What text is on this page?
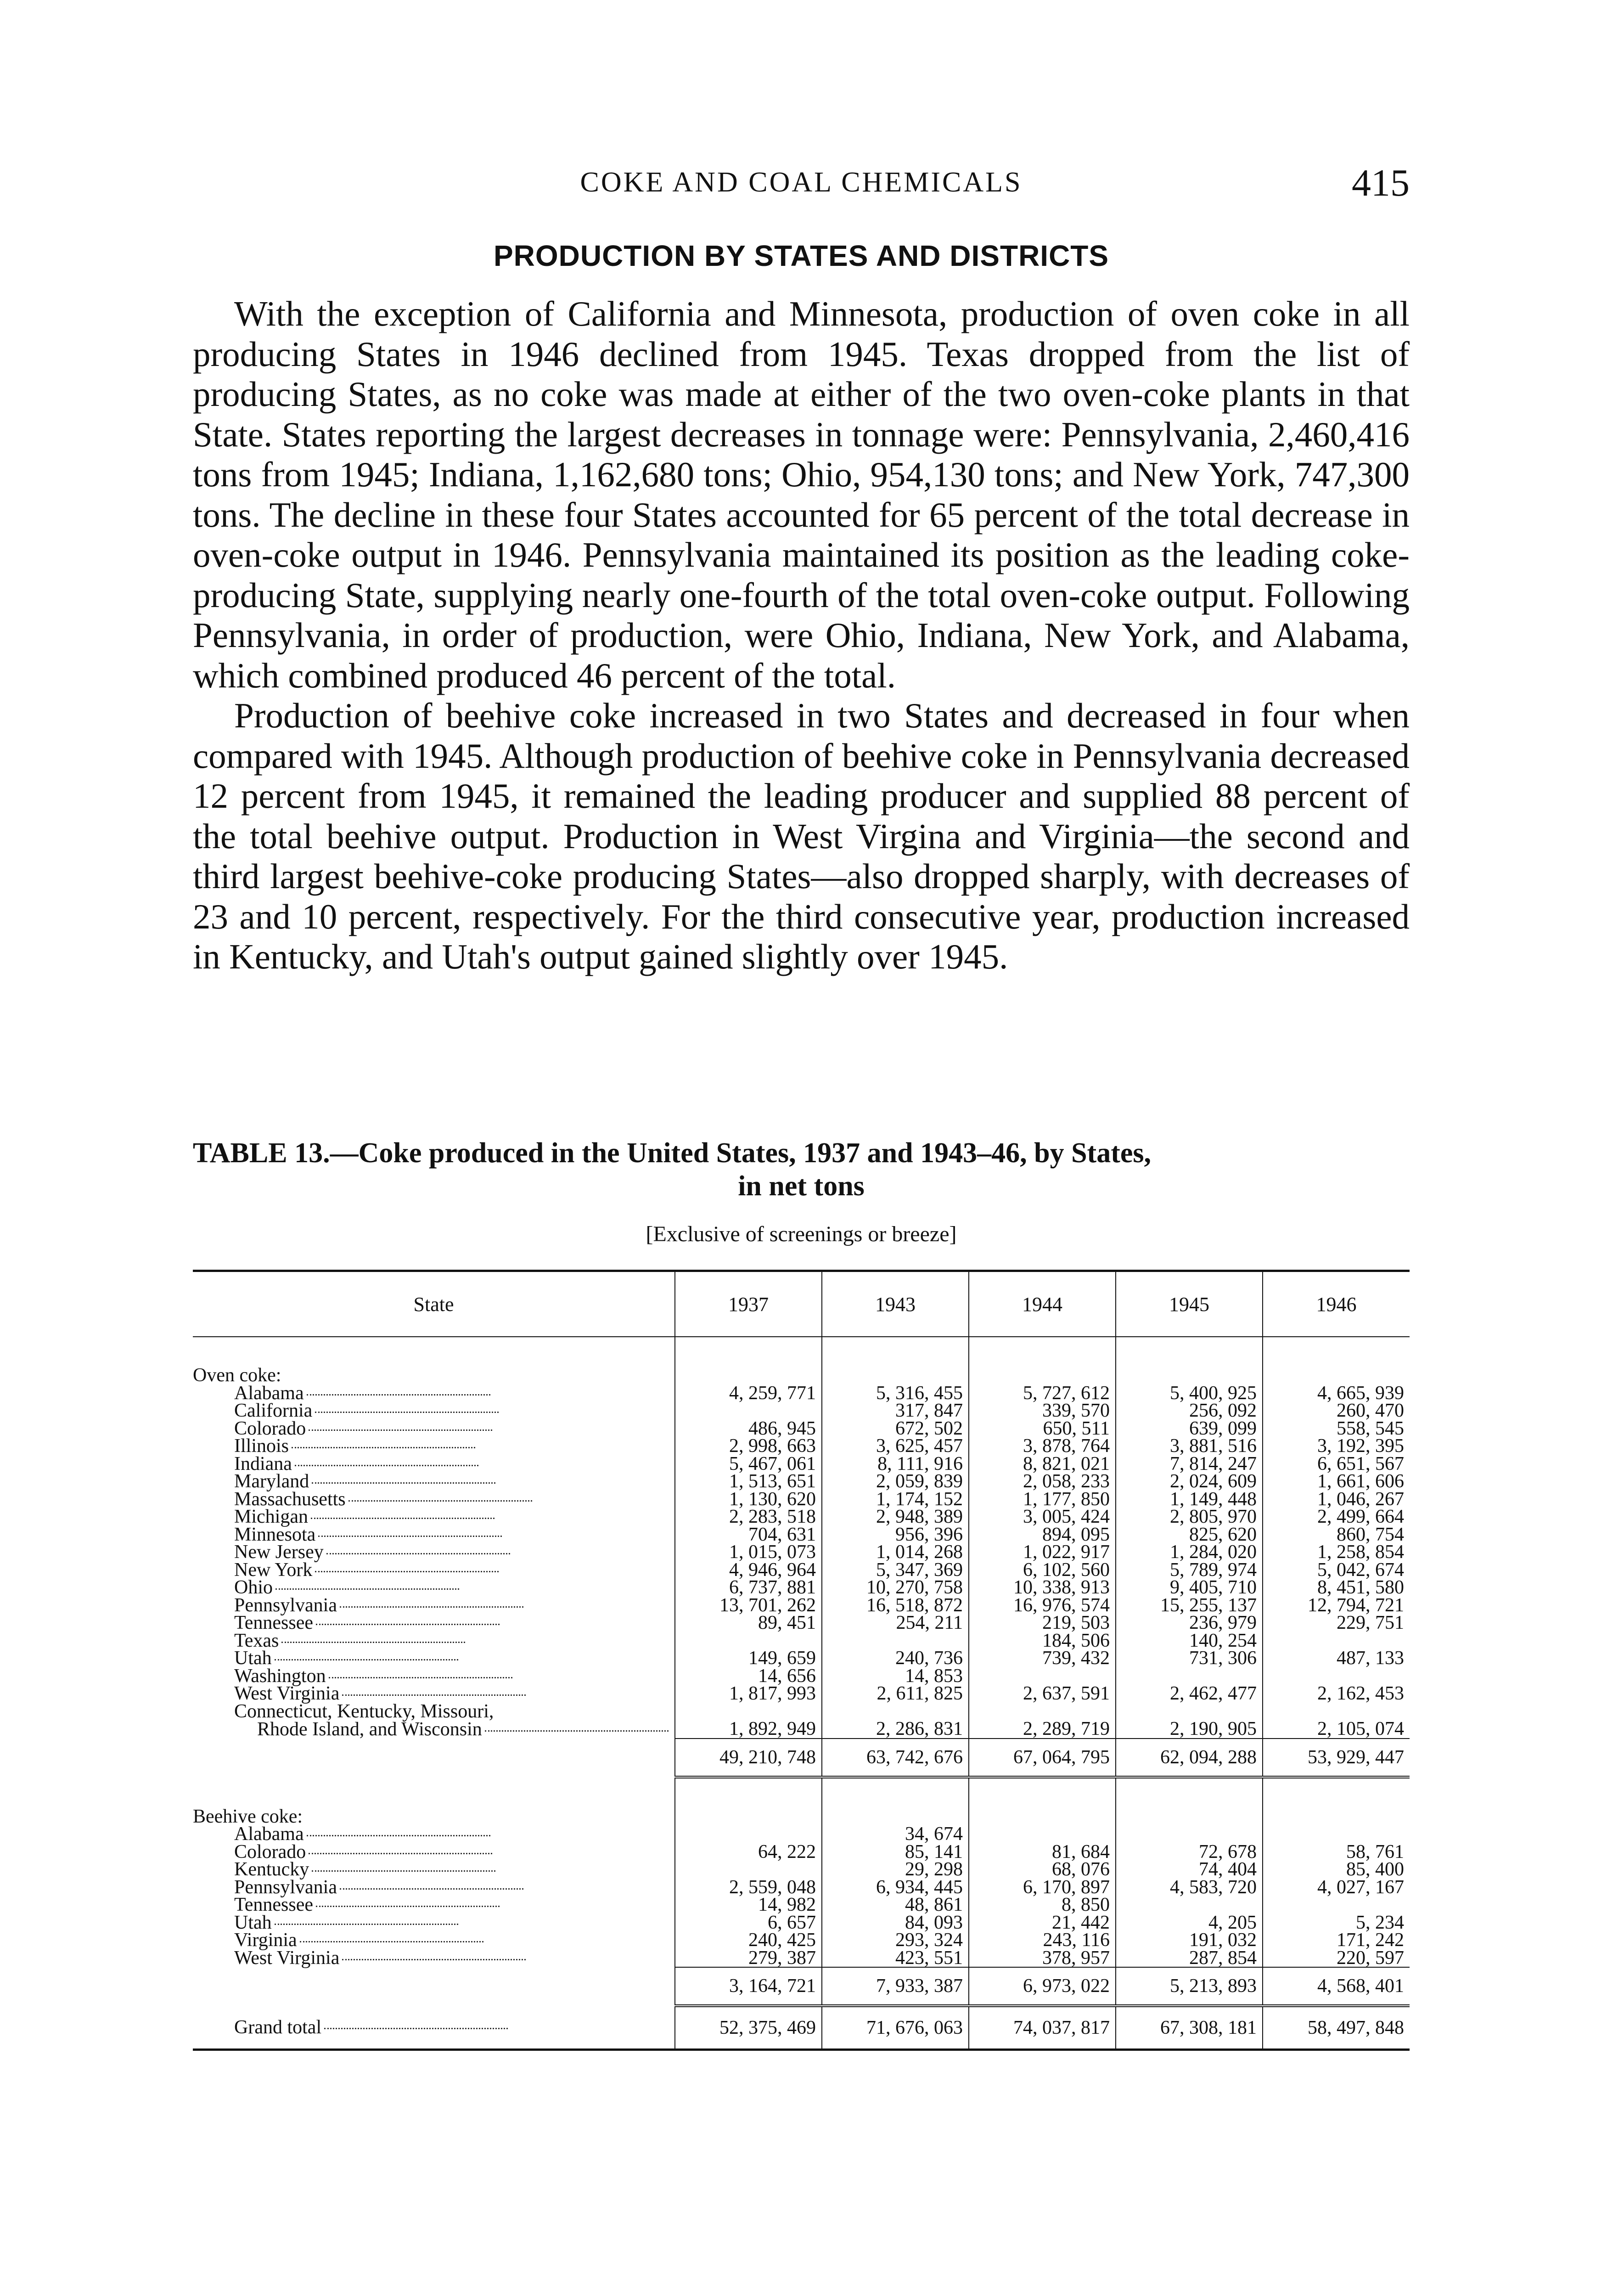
COKE AND COAL CHEMICALS	415
PRODUCTION BY STATES AND DISTRICTS

With the exception of California and Minnesota, production of oven coke in all producing States in 1946 declined from 1945. Texas dropped from the list of producing States, as no coke was made at either of the two oven-coke plants in that State. States reporting the largest decreases in tonnage were: Pennsylvania, 2,460,416 tons from 1945; Indiana, 1,162,680 tons; Ohio, 954,130 tons; and New York, 747,300 tons. The decline in these four States accounted for 65 percent of the total decrease in oven-coke output in 1946. Pennsylvania maintained its position as the leading coke-producing State, supplying nearly one-fourth of the total oven-coke output. Following Pennsylvania, in order of production, were Ohio, Indiana, New York, and Alabama, which combined produced 46 percent of the total.

Production of beehive coke increased in two States and decreased in four when compared with 1945. Although production of beehive coke in Pennsylvania decreased 12 percent from 1945, it remained the leading producer and supplied 88 percent of the total beehive output. Production in West Virgina and Virginia—the second and third largest beehive-coke producing States—also dropped sharply, with decreases of 23 and 10 percent, respectively. For the third consecutive year, production increased in Kentucky, and Utah's output gained slightly over 1945.

TABLE 13.—Coke produced in the United States, 1937 and 1943–46, by States,
in net tons
[Exclusive of screenings or breeze]
State	1937	1943	1944	1945	1946

Oven coke:					
Alabama	4, 259, 771	5, 316, 455	5, 727, 612	5, 400, 925	4, 665, 939
California		317, 847	339, 570	256, 092	260, 470
Colorado	486, 945	672, 502	650, 511	639, 099	558, 545
Illinois	2, 998, 663	3, 625, 457	3, 878, 764	3, 881, 516	3, 192, 395
Indiana	5, 467, 061	8, 111, 916	8, 821, 021	7, 814, 247	6, 651, 567
Maryland	1, 513, 651	2, 059, 839	2, 058, 233	2, 024, 609	1, 661, 606
Massachusetts	1, 130, 620	1, 174, 152	1, 177, 850	1, 149, 448	1, 046, 267
Michigan	2, 283, 518	2, 948, 389	3, 005, 424	2, 805, 970	2, 499, 664
Minnesota	704, 631	956, 396	894, 095	825, 620	860, 754
New Jersey	1, 015, 073	1, 014, 268	1, 022, 917	1, 284, 020	1, 258, 854
New York	4, 946, 964	5, 347, 369	6, 102, 560	5, 789, 974	5, 042, 674
Ohio	6, 737, 881	10, 270, 758	10, 338, 913	9, 405, 710	8, 451, 580
Pennsylvania	13, 701, 262	16, 518, 872	16, 976, 574	15, 255, 137	12, 794, 721
Tennessee	89, 451	254, 211	219, 503	236, 979	229, 751
Texas			184, 506	140, 254	
Utah	149, 659	240, 736	739, 432	731, 306	487, 133
Washington	14, 656	14, 853			
West Virginia	1, 817, 993	2, 611, 825	2, 637, 591	2, 462, 477	2, 162, 453
Connecticut, Kentucky, Missouri,					
Rhode Island, and Wisconsin	1, 892, 949	2, 286, 831	2, 289, 719	2, 190, 905	2, 105, 074
	49, 210, 748	63, 742, 676	67, 064, 795	62, 094, 288	53, 929, 447

Beehive coke:					
Alabama		34, 674			
Colorado	64, 222	85, 141	81, 684	72, 678	58, 761
Kentucky		29, 298	68, 076	74, 404	85, 400
Pennsylvania	2, 559, 048	6, 934, 445	6, 170, 897	4, 583, 720	4, 027, 167
Tennessee	14, 982	48, 861	8, 850		
Utah	6, 657	84, 093	21, 442	4, 205	5, 234
Virginia	240, 425	293, 324	243, 116	191, 032	171, 242
West Virginia	279, 387	423, 551	378, 957	287, 854	220, 597
	3, 164, 721	7, 933, 387	6, 973, 022	5, 213, 893	4, 568, 401
Grand total	52, 375, 469	71, 676, 063	74, 037, 817	67, 308, 181	58, 497, 848
